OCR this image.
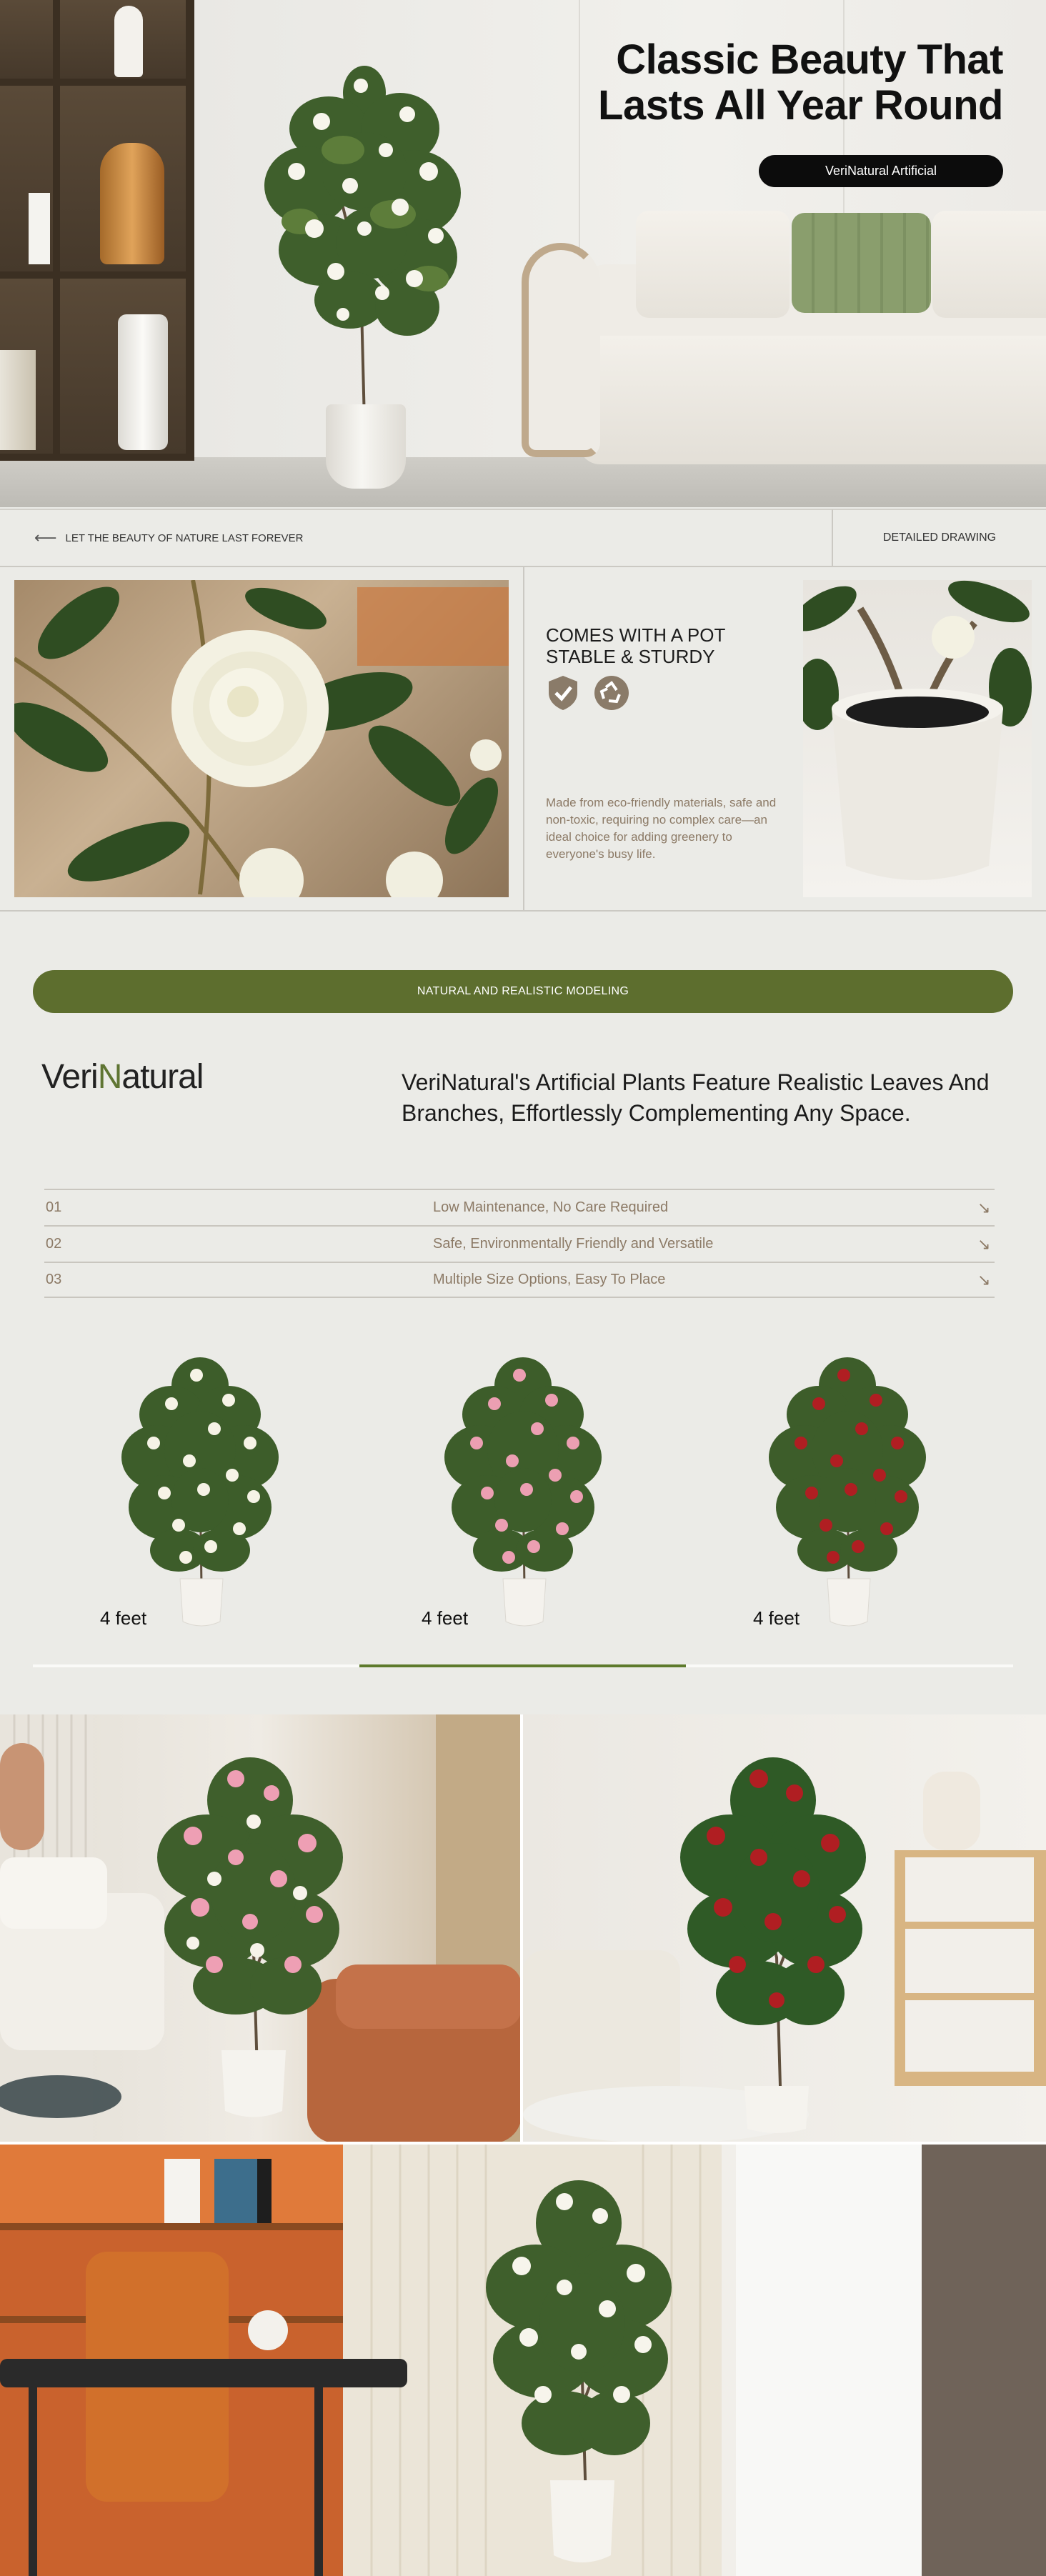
Classic Beauty That
Lasts All Year Round
VeriNatural Artificial
⟵ LET THE BEAUTY OF NATURE LAST FOREVER	DETAILED DRAWING
COMES WITH A POT
STABLE & STURDY
Made from eco-friendly materials, safe and non-toxic, requiring no complex care—an ideal choice for adding greenery to everyone's busy life.
NATURAL AND REALISTIC MODELING
VeriNatural	VeriNatural's Artificial Plants Feature Realistic Leaves And Branches, Effortlessly Complementing Any Space.
01	Low Maintenance, No Care Required	↘
02	Safe, Environmentally Friendly and Versatile	↘
03	Multiple Size Options, Easy To Place	↘
4 feet	4 feet	4 feet
